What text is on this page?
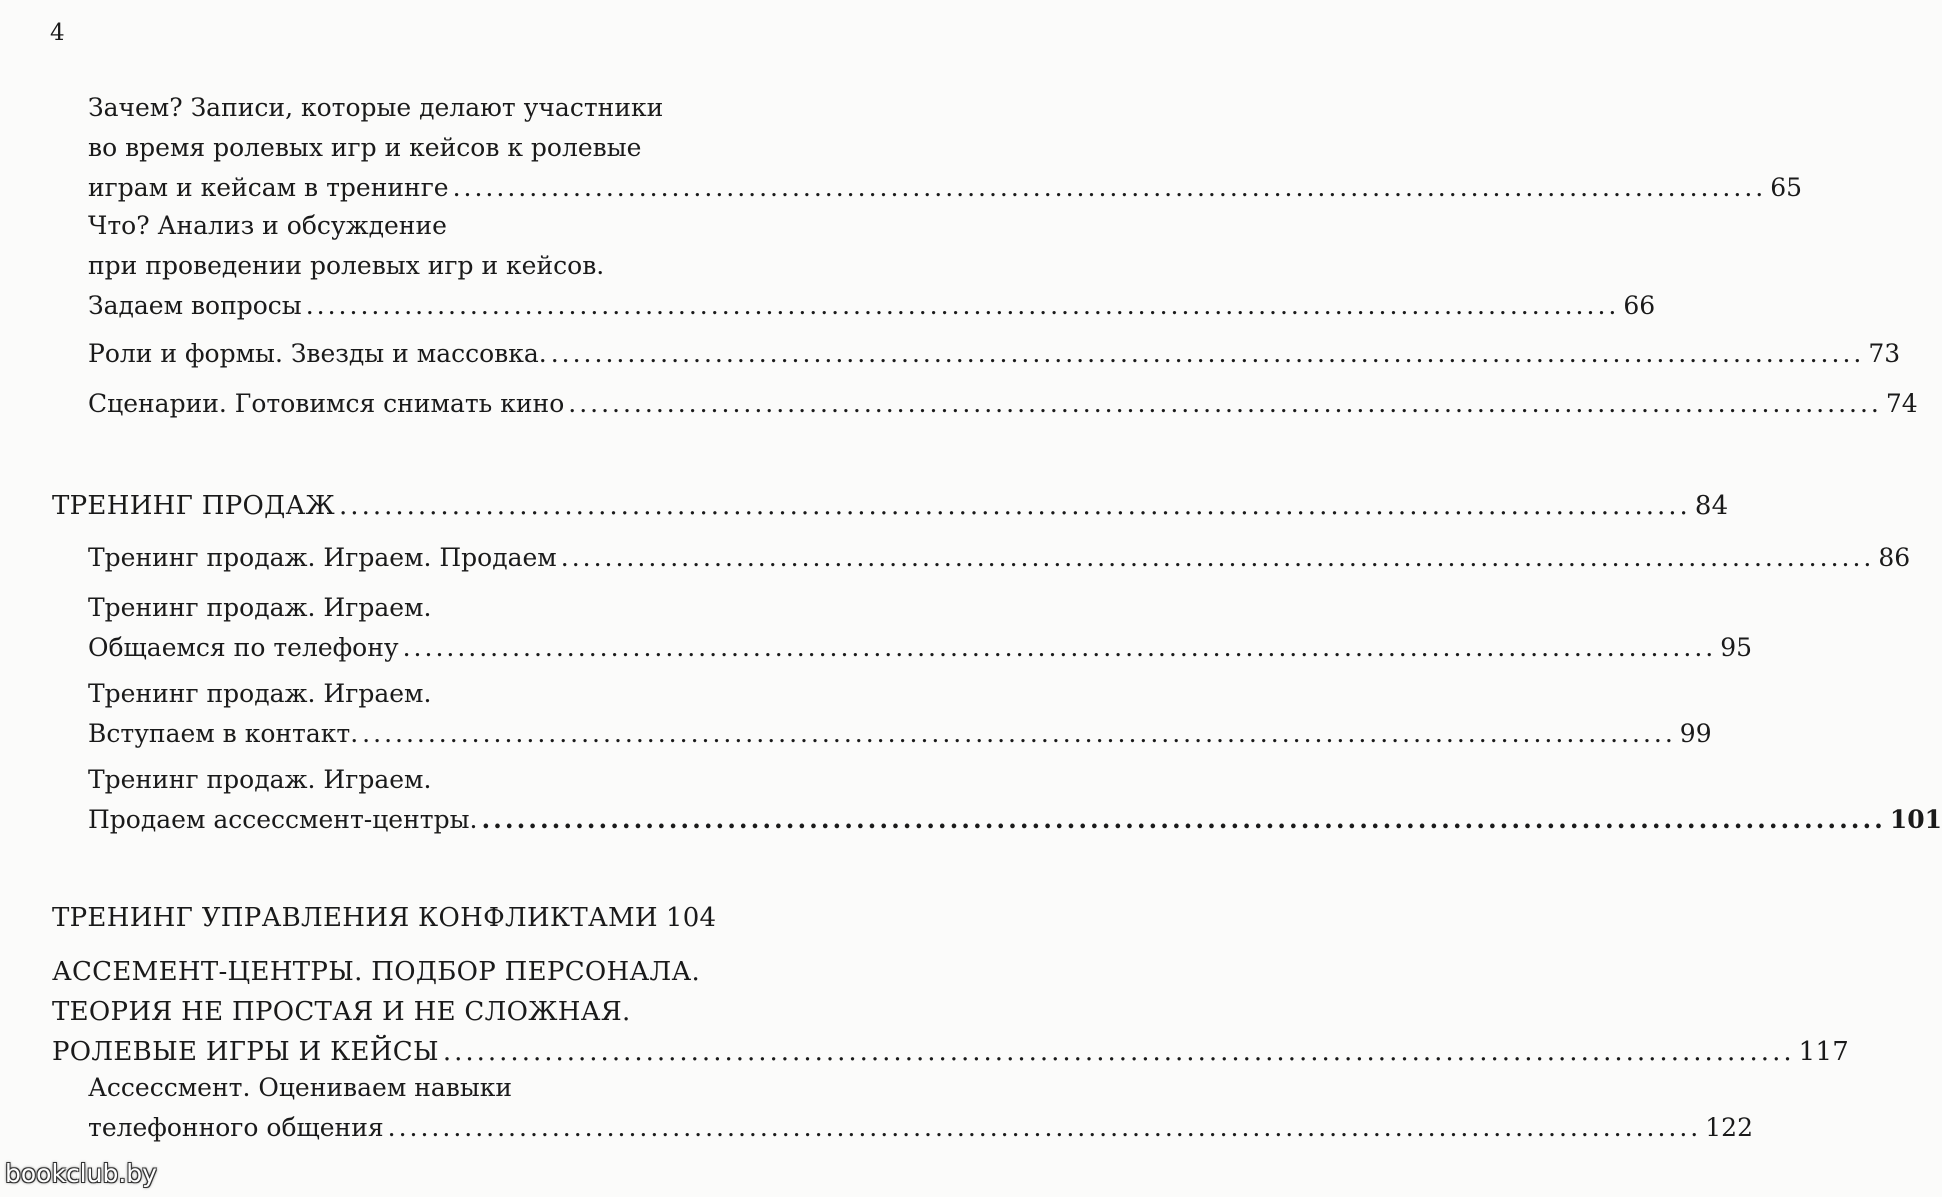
4
Зачем? Записи, которые делают участники
во время ролевых игр и кейсов к ролевые
играм и кейсам в тренинге ........................................................................................................................ 65
Что? Анализ и обсуждение
при проведении ролевых игр и кейсов.
Задаем вопросы ........................................................................................................................ 66
Роли и формы. Звезды и массовка. ........................................................................................................................ 73
Сценарии. Готовимся снимать кино ........................................................................................................................ 74
ТРЕНИНГ ПРОДАЖ ........................................................................................................................ 84
Тренинг продаж. Играем. Продаем ........................................................................................................................ 86
Тренинг продаж. Играем.
Общаемся по телефону ........................................................................................................................ 95
Тренинг продаж. Играем.
Вступаем в контакт. ........................................................................................................................ 99
Тренинг продаж. Играем.
Продаем ассессмент-центры. ........................................................................................................................ 101
ТРЕНИНГ УПРАВЛЕНИЯ КОНФЛИКТАМИ 104
АССЕМЕНТ-ЦЕНТРЫ. ПОДБОР ПЕРСОНАЛА.
ТЕОРИЯ НЕ ПРОСТАЯ И НЕ СЛОЖНАЯ.
РОЛЕВЫЕ ИГРЫ И КЕЙСЫ ........................................................................................................................ 117
Ассессмент. Оцениваем навыки
телефонного общения ........................................................................................................................ 122
bookclub.by
